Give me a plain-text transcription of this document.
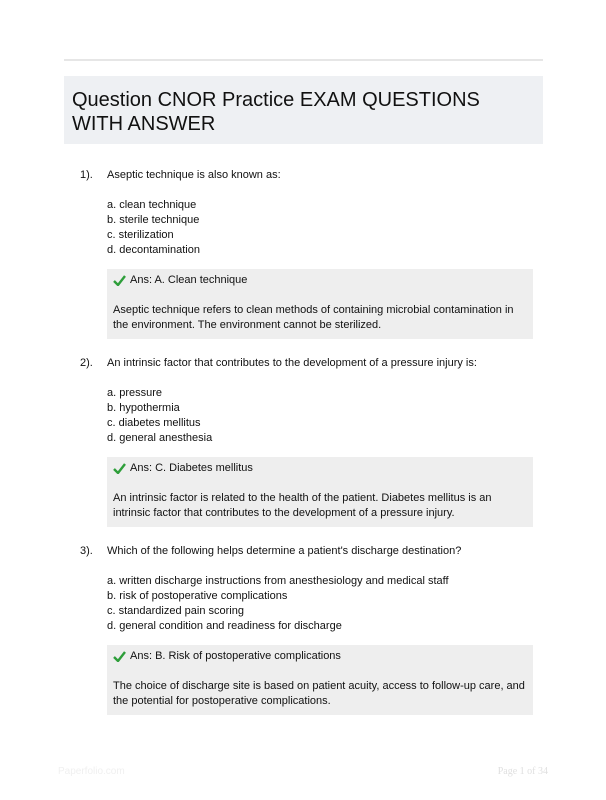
Question CNOR Practice EXAM QUESTIONS WITH ANSWER
1).	Aseptic technique is also known as:
a. clean technique
b. sterile technique
c. sterilization
d. decontamination
Ans: A. Clean technique
Aseptic technique refers to clean methods of containing microbial contamination in the environment. The environment cannot be sterilized.
2).	An intrinsic factor that contributes to the development of a pressure injury is:
a. pressure
b. hypothermia
c. diabetes mellitus
d. general anesthesia
Ans: C. Diabetes mellitus
An intrinsic factor is related to the health of the patient. Diabetes mellitus is an intrinsic factor that contributes to the development of a pressure injury.
3).	Which of the following helps determine a patient's discharge destination?
a. written discharge instructions from anesthesiology and medical staff
b. risk of postoperative complications
c. standardized pain scoring
d. general condition and readiness for discharge
Ans: B. Risk of postoperative complications
The choice of discharge site is based on patient acuity, access to follow-up care, and the potential for postoperative complications.
Paperfolio.com	Page 1 of 34
